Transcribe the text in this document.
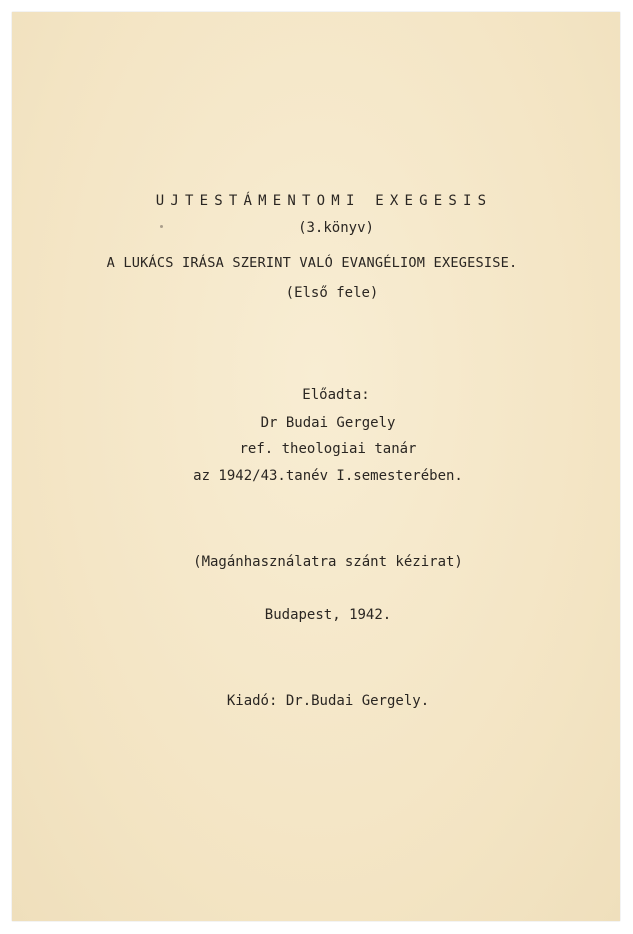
UJTESTÁMENTOMI EXEGESIS
(3.könyv)
A LUKÁCS IRÁSA SZERINT VALÓ EVANGÉLIOM EXEGESISE.
(Első fele)
Előadta:
Dr Budai Gergely
ref. theologiai tanár
az 1942/43.tanév I.semesterében.
(Magánhasználatra szánt kézirat)
Budapest, 1942.
Kiadó: Dr.Budai Gergely.
